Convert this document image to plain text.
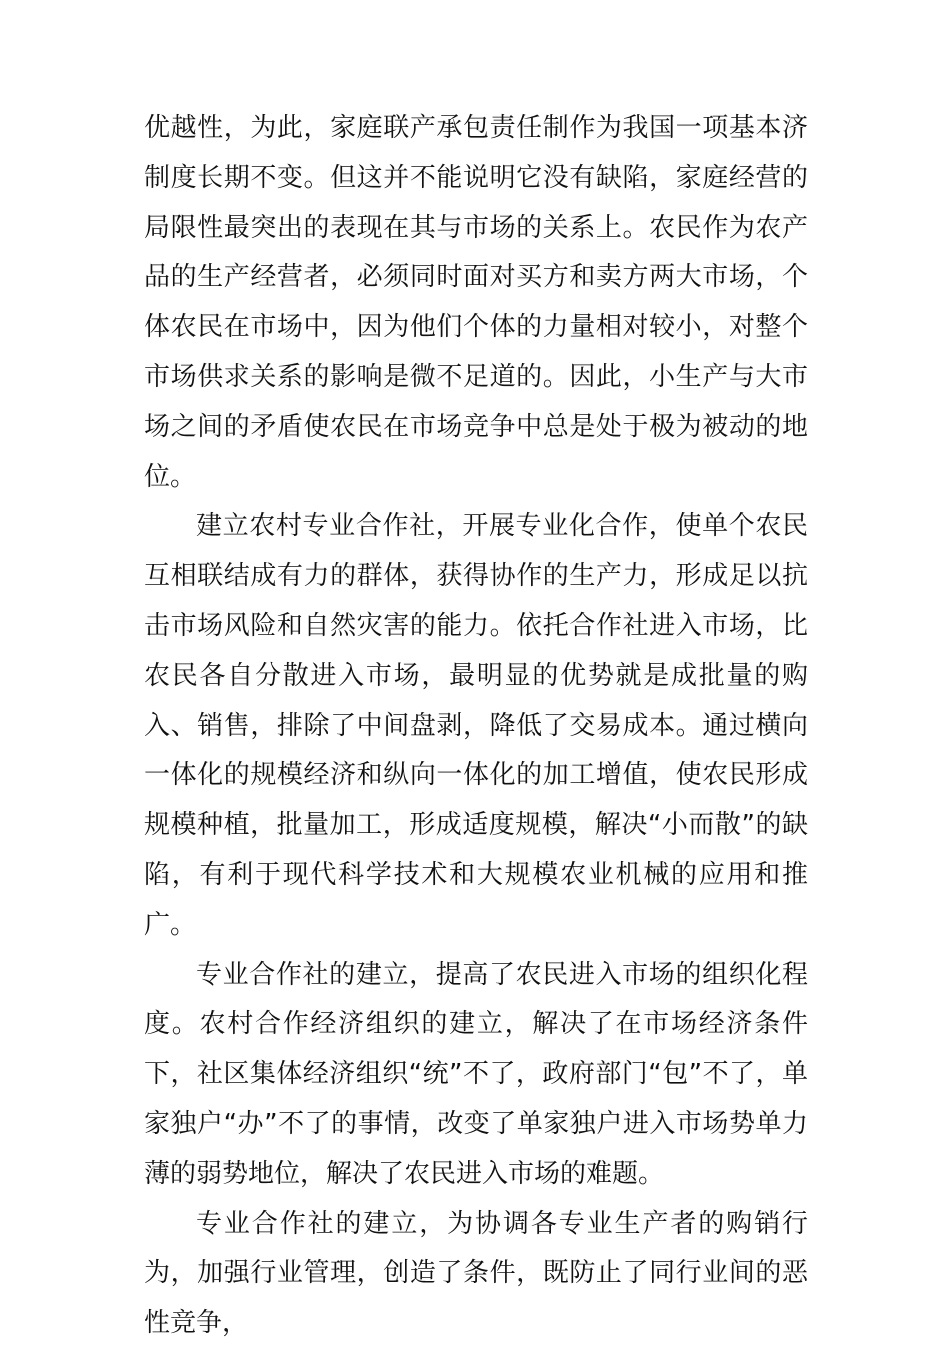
优越性，为此，家庭联产承包责任制作为我国一项基本济制度长期不变。但这并不能说明它没有缺陷，家庭经营的局限性最突出的表现在其与市场的关系上。农民作为农产品的生产经营者，必须同时面对买方和卖方两大市场，个体农民在市场中，因为他们个体的力量相对较小，对整个市场供求关系的影响是微不足道的。因此，小生产与大市场之间的矛盾使农民在市场竞争中总是处于极为被动的地位。

建立农村专业合作社，开展专业化合作，使单个农民互相联结成有力的群体，获得协作的生产力，形成足以抗击市场风险和自然灾害的能力。依托合作社进入市场，比农民各自分散进入市场，最明显的优势就是成批量的购入、销售，排除了中间盘剥，降低了交易成本。通过横向一体化的规模经济和纵向一体化的加工增值，使农民形成规模种植，批量加工，形成适度规模，解决“小而散”的缺陷，有利于现代科学技术和大规模农业机械的应用和推广。

专业合作社的建立，提高了农民进入市场的组织化程度。农村合作经济组织的建立，解决了在市场经济条件下，社区集体经济组织“统”不了，政府部门“包”不了，单家独户“办”不了的事情，改变了单家独户进入市场势单力薄的弱势地位，解决了农民进入市场的难题。

专业合作社的建立，为协调各专业生产者的购销行为，加强行业管理，创造了条件，既防止了同行业间的恶性竞争，
